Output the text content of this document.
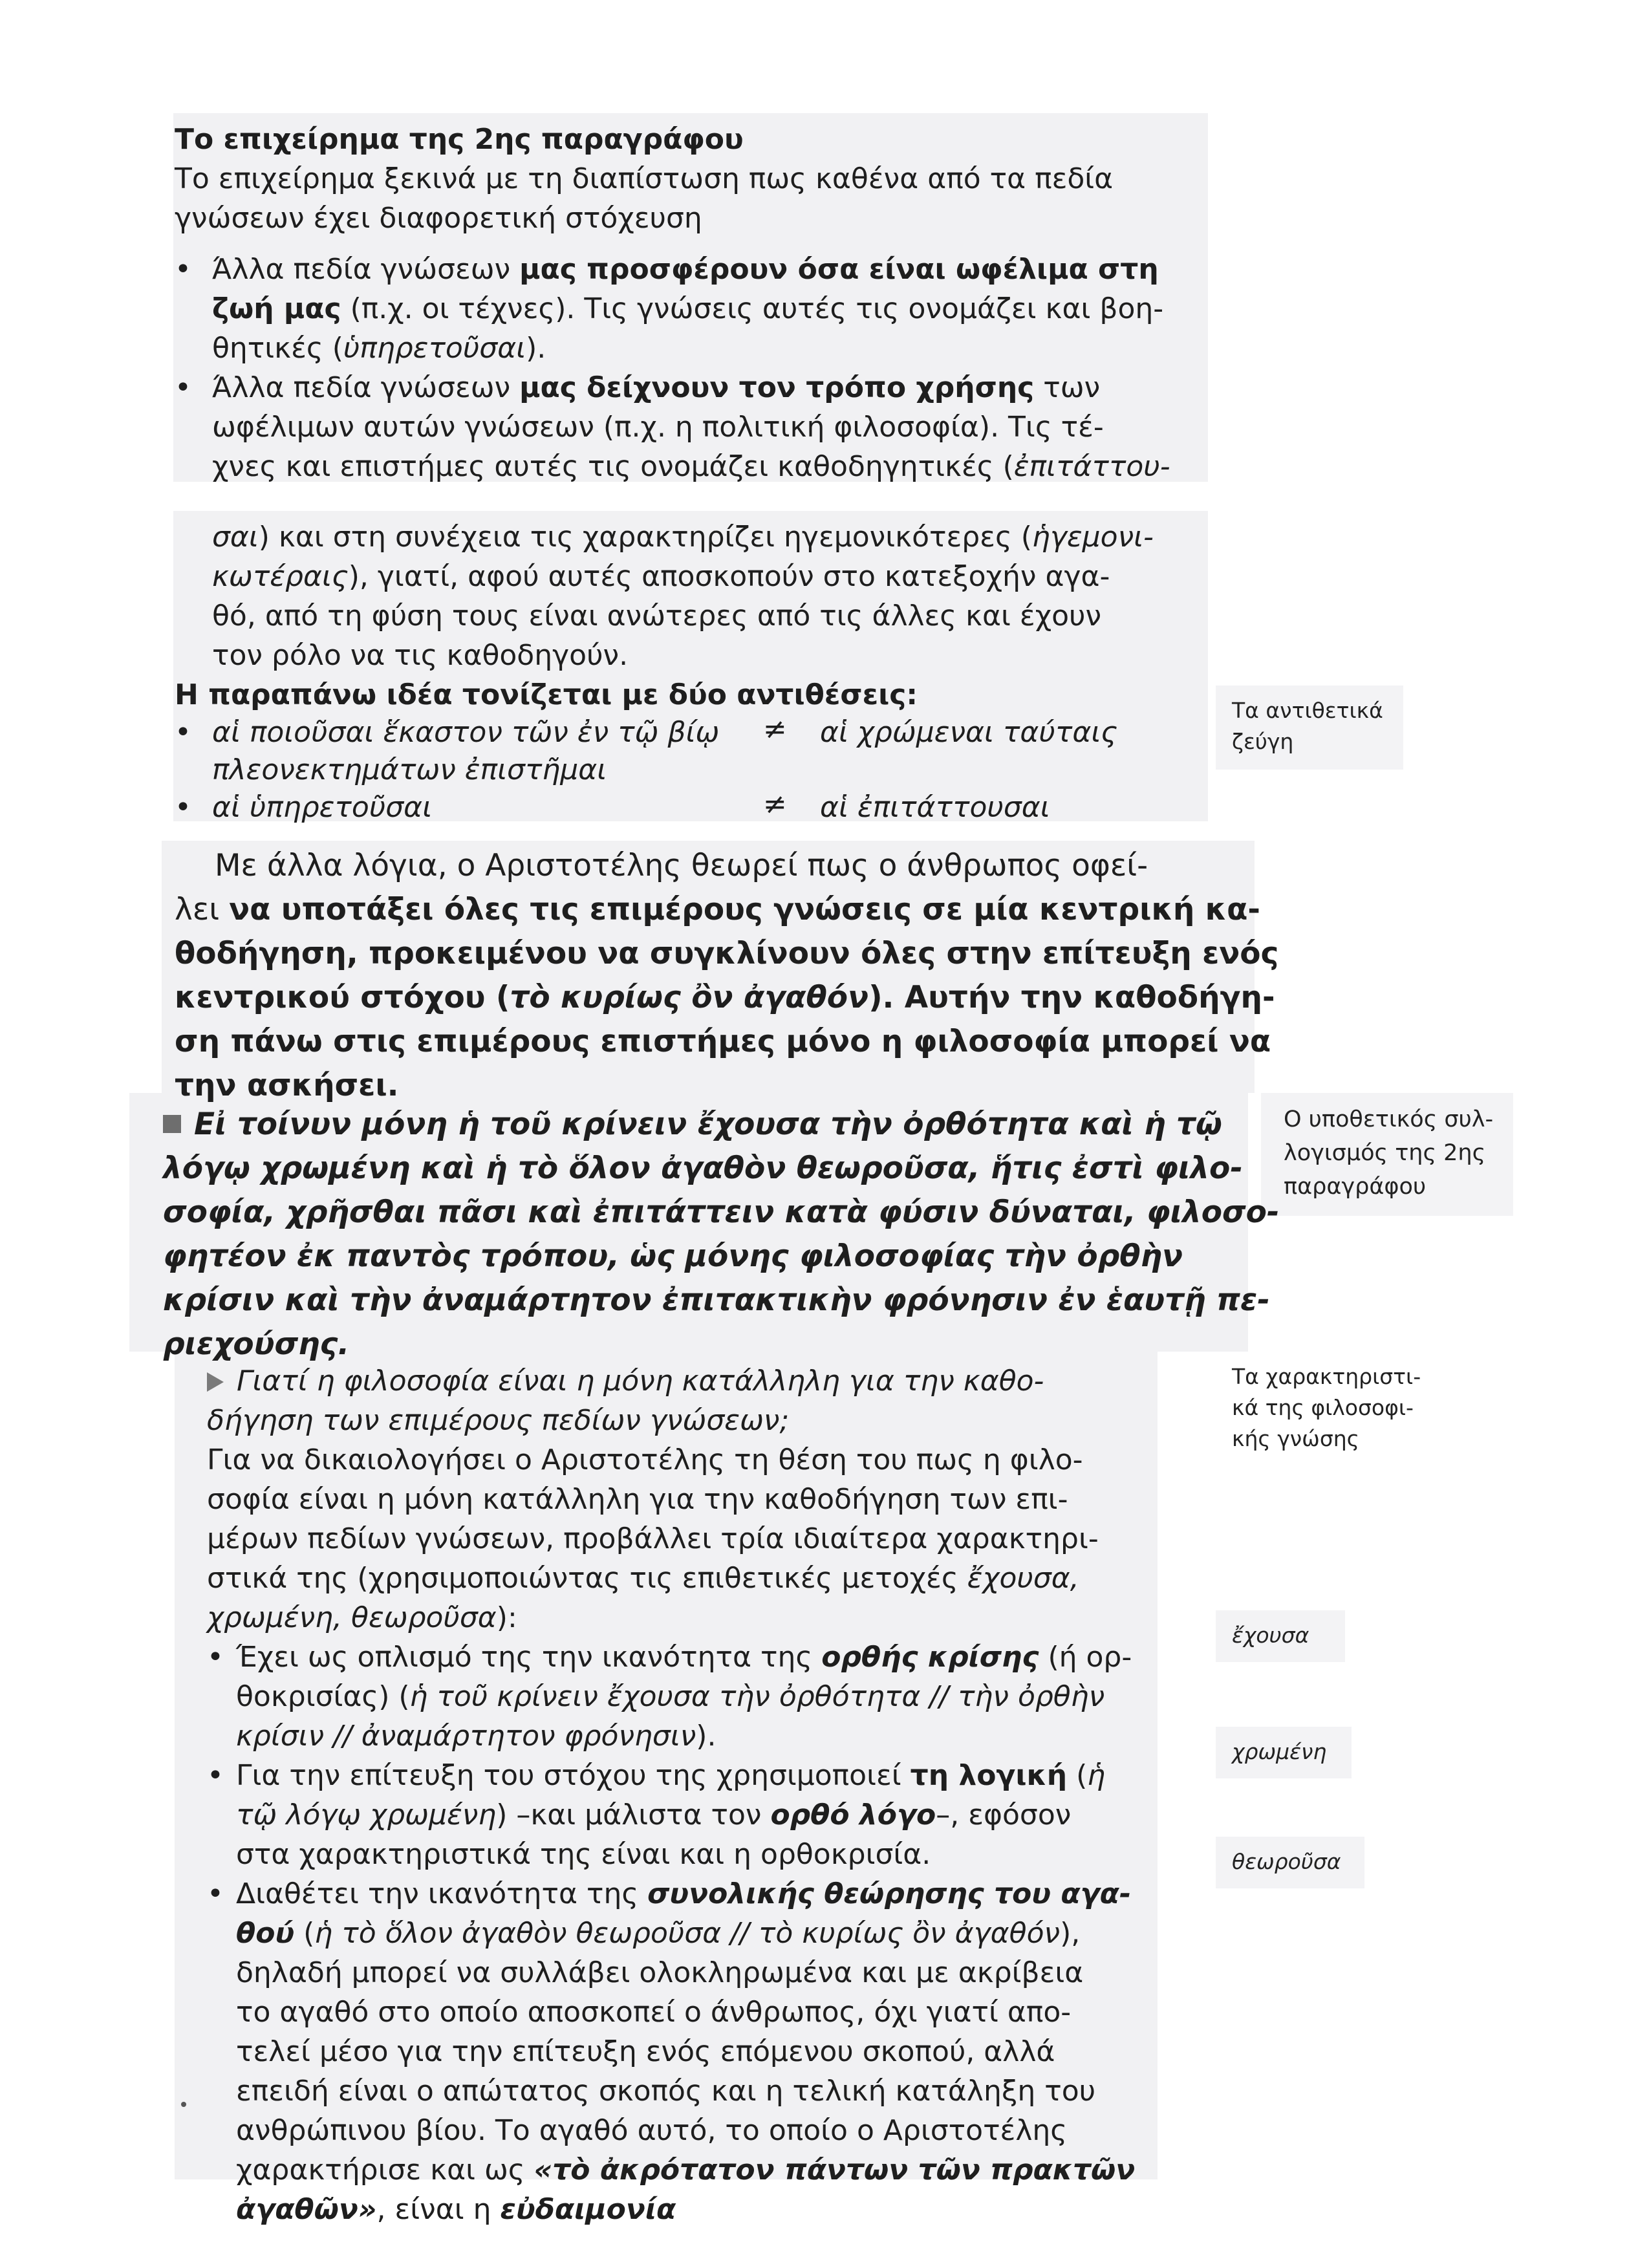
Το επιχείρημα της 2ης παραγράφου
Το επιχείρημα ξεκινά με τη διαπίστωση πως καθένα από τα πεδία
γνώσεων έχει διαφορετική στόχευση
• Άλλα πεδία γνώσεων μας προσφέρουν όσα είναι ωφέλιμα στη
ζωή μας (π.χ. οι τέχνες). Τις γνώσεις αυτές τις ονομάζει και βοη-
θητικές (ὑπηρετοῦσαι).
• Άλλα πεδία γνώσεων μας δείχνουν τον τρόπο χρήσης των
ωφέλιμων αυτών γνώσεων (π.χ. η πολιτική φιλοσοφία). Τις τέ-
χνες και επιστήμες αυτές τις ονομάζει καθοδηγητικές (ἐπιτάττου-
σαι) και στη συνέχεια τις χαρακτηρίζει ηγεμονικότερες (ἡγεμονι-
κωτέραις), γιατί, αφού αυτές αποσκοπούν στο κατεξοχήν αγα-
θό, από τη φύση τους είναι ανώτερες από τις άλλες και έχουν
τον ρόλο να τις καθοδηγούν.
Η παραπάνω ιδέα τονίζεται με δύο αντιθέσεις:
• αἱ ποιοῦσαι ἕκαστον τῶν ἐν τῷ βίῳ
πλεονεκτημάτων ἐπιστῆμαι
≠ αἱ χρώμεναι ταύταις
• αἱ ὑπηρετοῦσαι	≠ αἱ ἐπιτάττουσαι
Τα αντιθετικά
ζεύγη
Με άλλα λόγια, ο Αριστοτέλης θεωρεί πως ο άνθρωπος οφεί-
λει να υποτάξει όλες τις επιμέρους γνώσεις σε μία κεντρική κα-
θοδήγηση, προκειμένου να συγκλίνουν όλες στην επίτευξη ενός
κεντρικού στόχου (τὸ κυρίως ὂν ἀγαθόν). Αυτήν την καθοδήγη-
ση πάνω στις επιμέρους επιστήμες μόνο η φιλοσοφία μπορεί να
την ασκήσει.
Εἰ τοίνυν μόνη ἡ τοῦ κρίνειν ἔχουσα τὴν ὀρθότητα καὶ ἡ τῷ
λόγῳ χρωμένη καὶ ἡ τὸ ὅλον ἀγαθὸν θεωροῦσα, ἥτις ἐστὶ φιλο-
σοφία, χρῆσθαι πᾶσι καὶ ἐπιτάττειν κατὰ φύσιν δύναται, φιλοσο-
φητέον ἐκ παντὸς τρόπου, ὡς μόνης φιλοσοφίας τὴν ὀρθὴν
κρίσιν καὶ τὴν ἀναμάρτητον ἐπιτακτικὴν φρόνησιν ἐν ἑαυτῇ πε-
ριεχούσης.
Ο υποθετικός συλ-
λογισμός της 2ης
παραγράφου
Γιατί η φιλοσοφία είναι η μόνη κατάλληλη για την καθο-
δήγηση των επιμέρους πεδίων γνώσεων;
Για να δικαιολογήσει ο Αριστοτέλης τη θέση του πως η φιλο-
σοφία είναι η μόνη κατάλληλη για την καθοδήγηση των επι-
μέρων πεδίων γνώσεων, προβάλλει τρία ιδιαίτερα χαρακτηρι-
στικά της (χρησιμοποιώντας τις επιθετικές μετοχές ἔχουσα,
χρωμένη, θεωροῦσα):
• Έχει ως οπλισμό της την ικανότητα της ορθής κρίσης (ή ορ-
θοκρισίας) (ἡ τοῦ κρίνειν ἔχουσα τὴν ὀρθότητα // τὴν ὀρθὴν
κρίσιν // ἀναμάρτητον φρόνησιν).
• Για την επίτευξη του στόχου της χρησιμοποιεί τη λογική (ἡ
τῷ λόγῳ χρωμένη) –και μάλιστα τον ορθό λόγο–, εφόσον
στα χαρακτηριστικά της είναι και η ορθοκρισία.
• Διαθέτει την ικανότητα της συνολικής θεώρησης του αγα-
θού (ἡ τὸ ὅλον ἀγαθὸν θεωροῦσα // τὸ κυρίως ὂν ἀγαθόν),
δηλαδή μπορεί να συλλάβει ολοκληρωμένα και με ακρίβεια
το αγαθό στο οποίο αποσκοπεί ο άνθρωπος, όχι γιατί απο-
τελεί μέσο για την επίτευξη ενός επόμενου σκοπού, αλλά
επειδή είναι ο απώτατος σκοπός και η τελική κατάληξη του
ανθρώπινου βίου. Το αγαθό αυτό, το οποίο ο Αριστοτέλης
χαρακτήρισε και ως «τὸ ἀκρότατον πάντων τῶν πρακτῶν
ἀγαθῶν», είναι η εὐδαιμονία
Τα χαρακτηριστι-
κά της φιλοσοφι-
κής γνώσης
ἔχουσα
χρωμένη
θεωροῦσα
